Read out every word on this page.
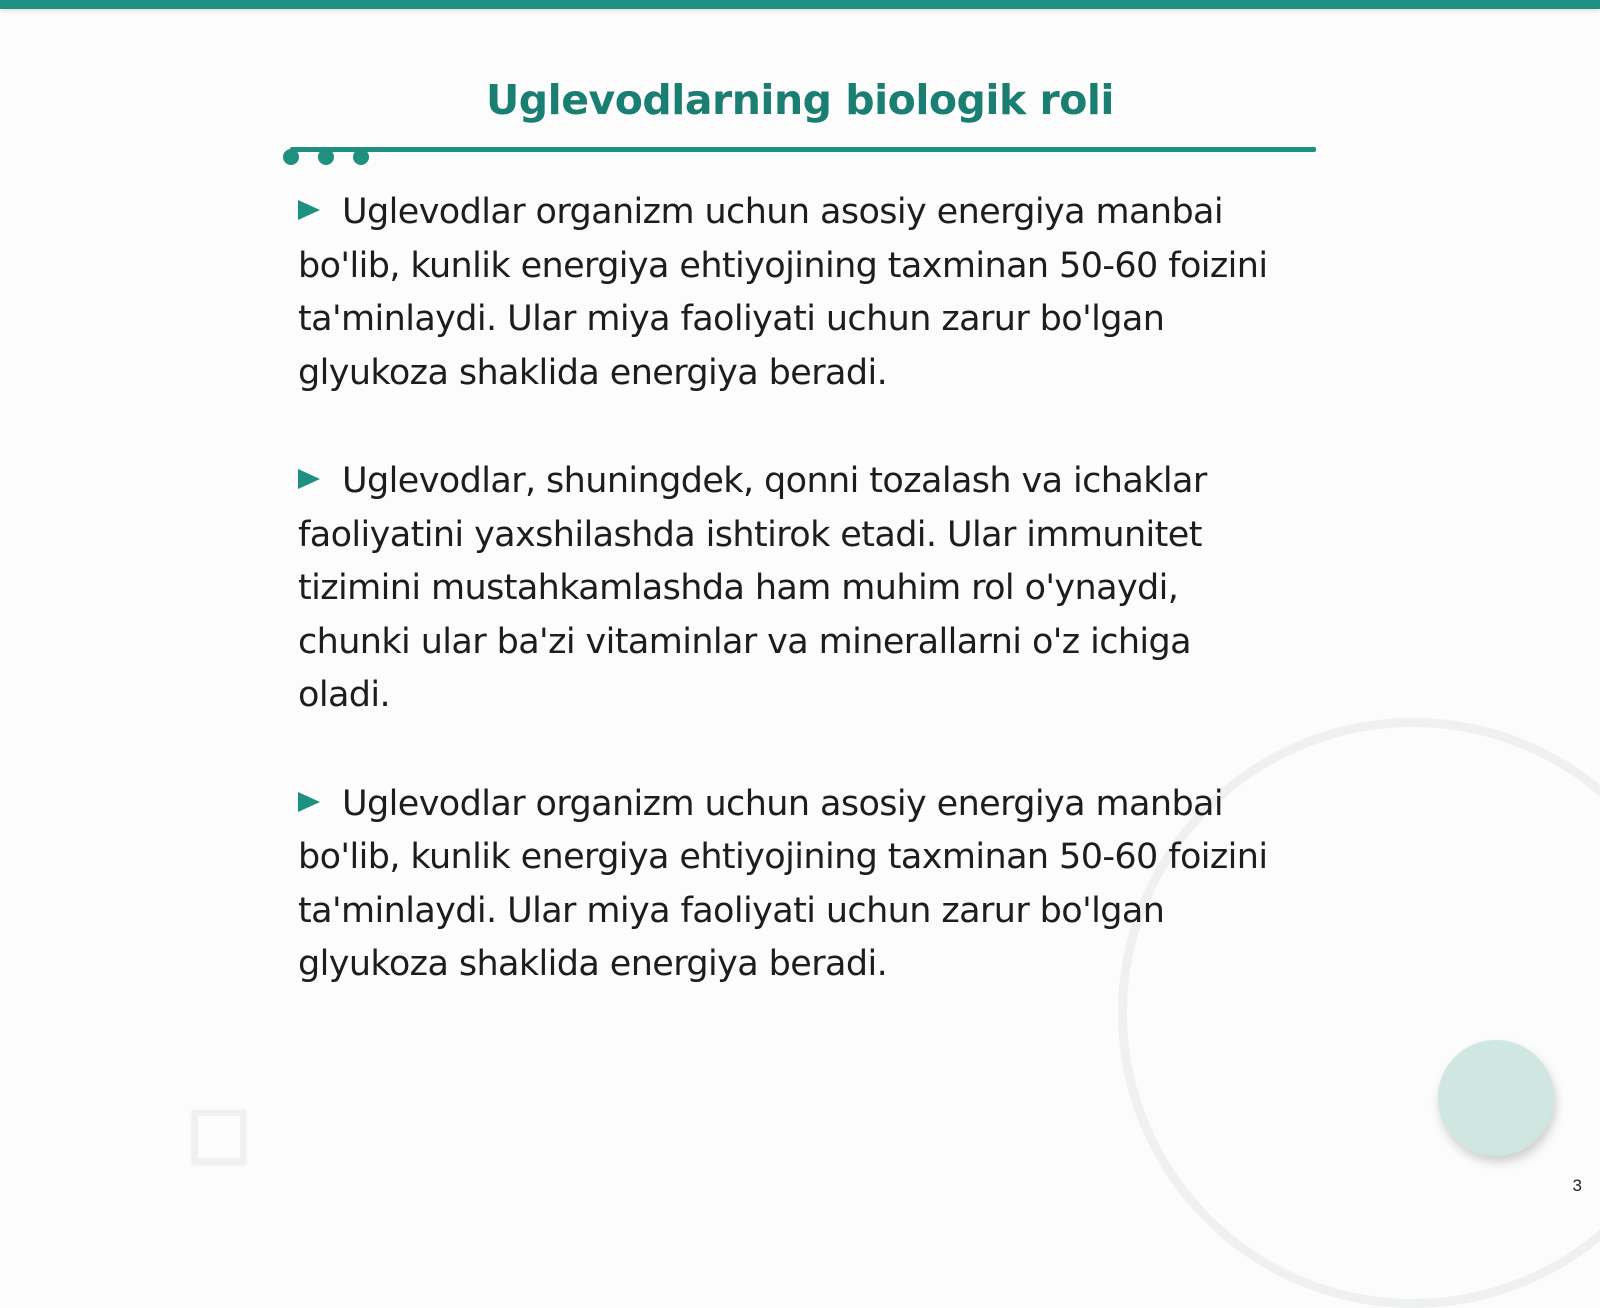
Uglevodlarning biologik roli

Uglevodlar organizm uchun asosiy energiya manbai bo'lib, kunlik energiya ehtiyojining taxminan 50-60 foizini ta'minlaydi. Ular miya faoliyati uchun zarur bo'lgan glyukoza shaklida energiya beradi.

Uglevodlar, shuningdek, qonni tozalash va ichaklar faoliyatini yaxshilashda ishtirok etadi. Ular immunitet tizimini mustahkamlashda ham muhim rol o'ynaydi, chunki ular ba'zi vitaminlar va minerallarni o'z ichiga oladi.

Uglevodlar organizm uchun asosiy energiya manbai bo'lib, kunlik energiya ehtiyojining taxminan 50-60 foizini ta'minlaydi. Ular miya faoliyati uchun zarur bo'lgan glyukoza shaklida energiya beradi.

3
